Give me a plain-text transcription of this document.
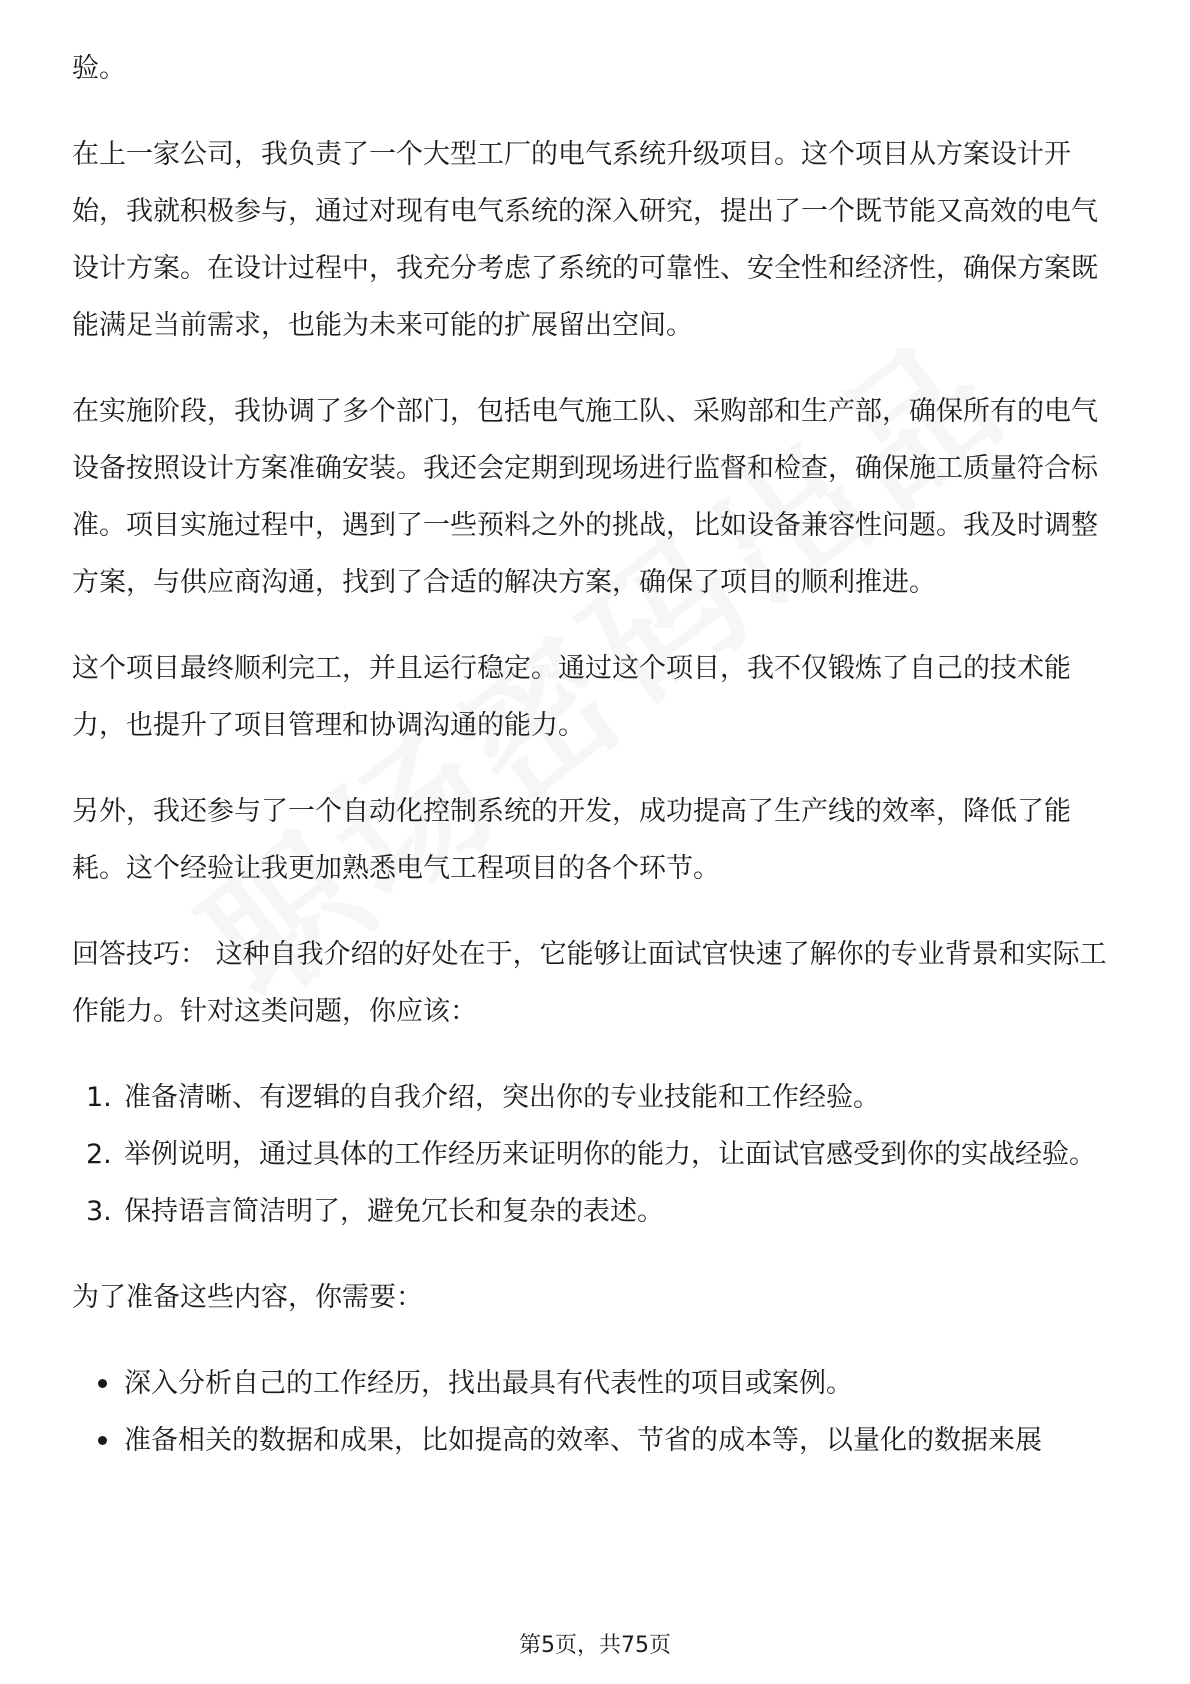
验。

在上一家公司，我负责了一个大型工厂的电气系统升级项目。这个项目从方案设计开始，我就积极参与，通过对现有电气系统的深入研究，提出了一个既节能又高效的电气设计方案。在设计过程中，我充分考虑了系统的可靠性、安全性和经济性，确保方案既能满足当前需求，也能为未来可能的扩展留出空间。

在实施阶段，我协调了多个部门，包括电气施工队、采购部和生产部，确保所有的电气设备按照设计方案准确安装。我还会定期到现场进行监督和检查，确保施工质量符合标准。项目实施过程中，遇到了一些预料之外的挑战，比如设备兼容性问题。我及时调整方案，与供应商沟通，找到了合适的解决方案，确保了项目的顺利推进。

这个项目最终顺利完工，并且运行稳定。通过这个项目，我不仅锻炼了自己的技术能力，也提升了项目管理和协调沟通的能力。

另外，我还参与了一个自动化控制系统的开发，成功提高了生产线的效率，降低了能耗。这个经验让我更加熟悉电气工程项目的各个环节。

回答技巧： 这种自我介绍的好处在于，它能够让面试官快速了解你的专业背景和实际工作能力。针对这类问题，你应该：

1. 准备清晰、有逻辑的自我介绍，突出你的专业技能和工作经验。
2. 举例说明，通过具体的工作经历来证明你的能力，让面试官感受到你的实战经验。
3. 保持语言简洁明了，避免冗长和复杂的表述。

为了准备这些内容，你需要：

深入分析自己的工作经历，找出最具有代表性的项目或案例。
准备相关的数据和成果，比如提高的效率、节省的成本等，以量化的数据来展
第5页，共75页
